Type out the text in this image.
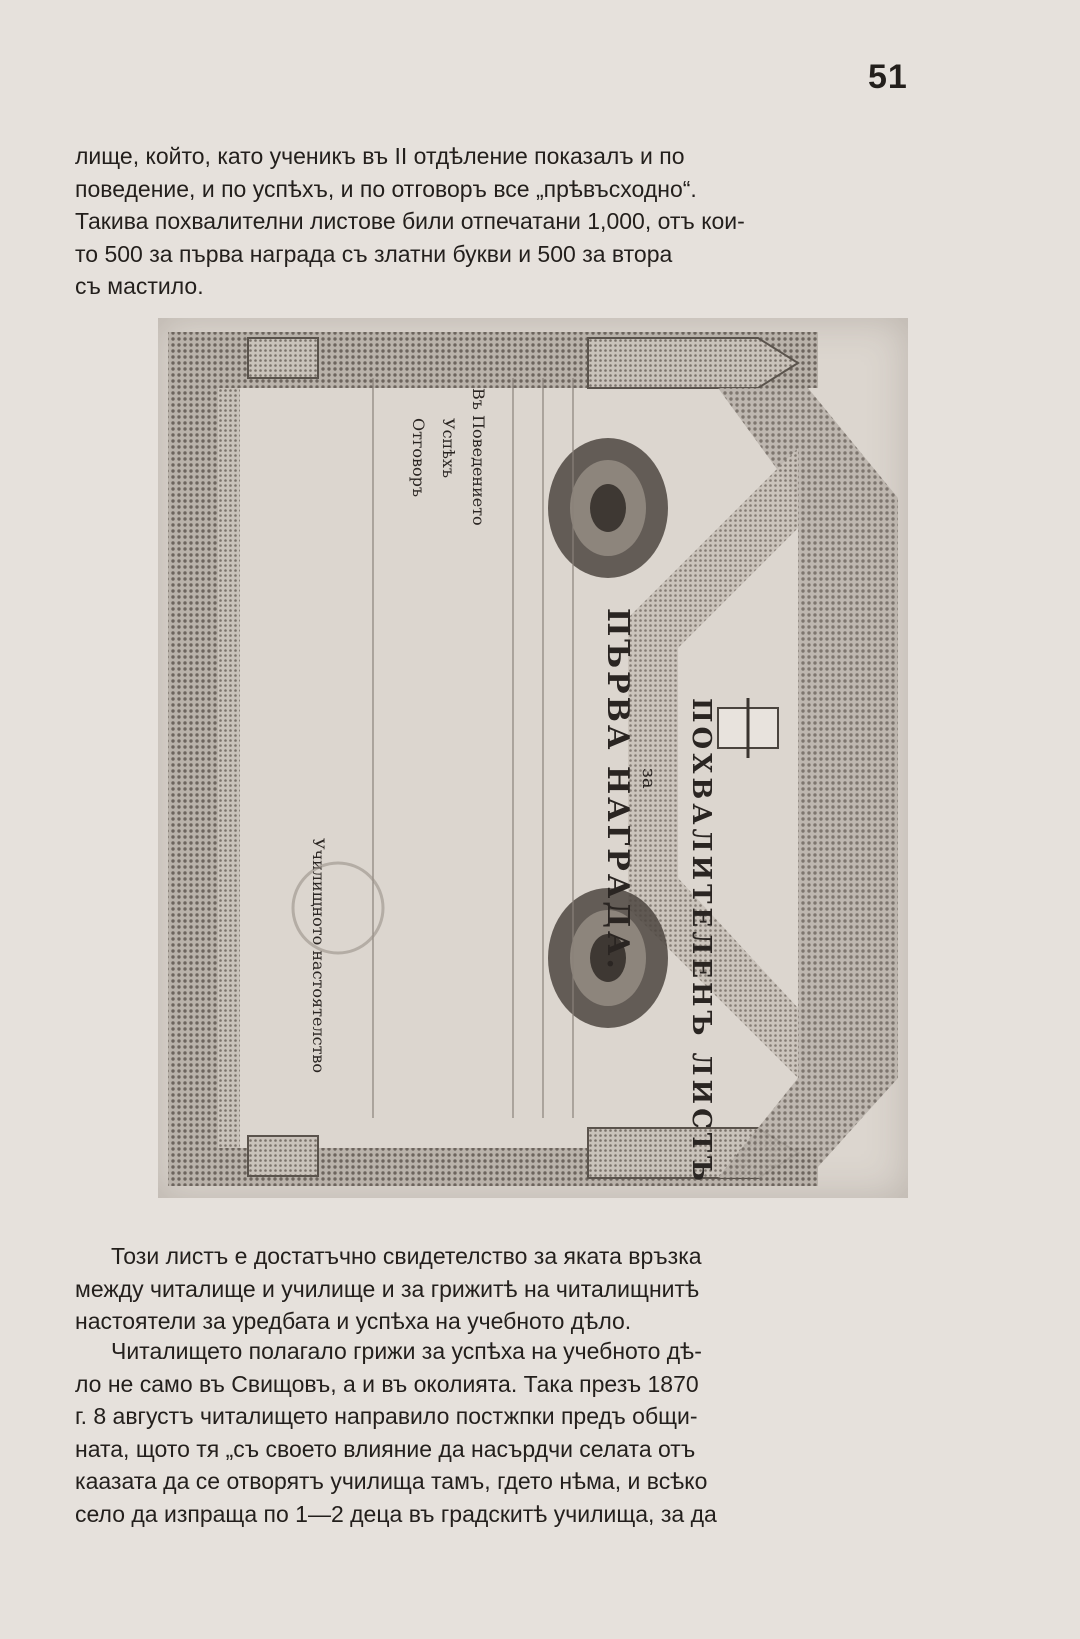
51
лище, който, като ученикъ въ II отдѣление показалъ и по
поведение, и по успѣхъ, и по отговоръ все „прѣвъсходно“.
Такива похвалителни листове били отпечатани 1,000, отъ кои-
то 500 за първа награда съ златни букви и 500 за втора
съ мастило.
ПОХВАЛИТЕЛЕНЪ ЛИСТЪ
за
ПЪРВА НАГРАДА.
Въ Поведението
Успѣхъ
Отговоръ
Училищното настоятелство
Този листъ е достатъчно свидетелство за яката връзка
между читалище и училище и за грижитѣ на читалищнитѣ
настоятели за уредбата и успѣха на учебното дѣло.
Читалището полагало грижи за успѣха на учебното дѣ-
ло не само въ Свищовъ, а и въ околията. Така презъ 1870
г. 8 августъ читалището направило постжпки предъ общи-
ната, щото тя „съ своето влияние да насърдчи селата отъ
каазата да се отворятъ училища тамъ, гдето нѣма, и всѣко
село да изпраща по 1—2 деца въ градскитѣ училища, за да
